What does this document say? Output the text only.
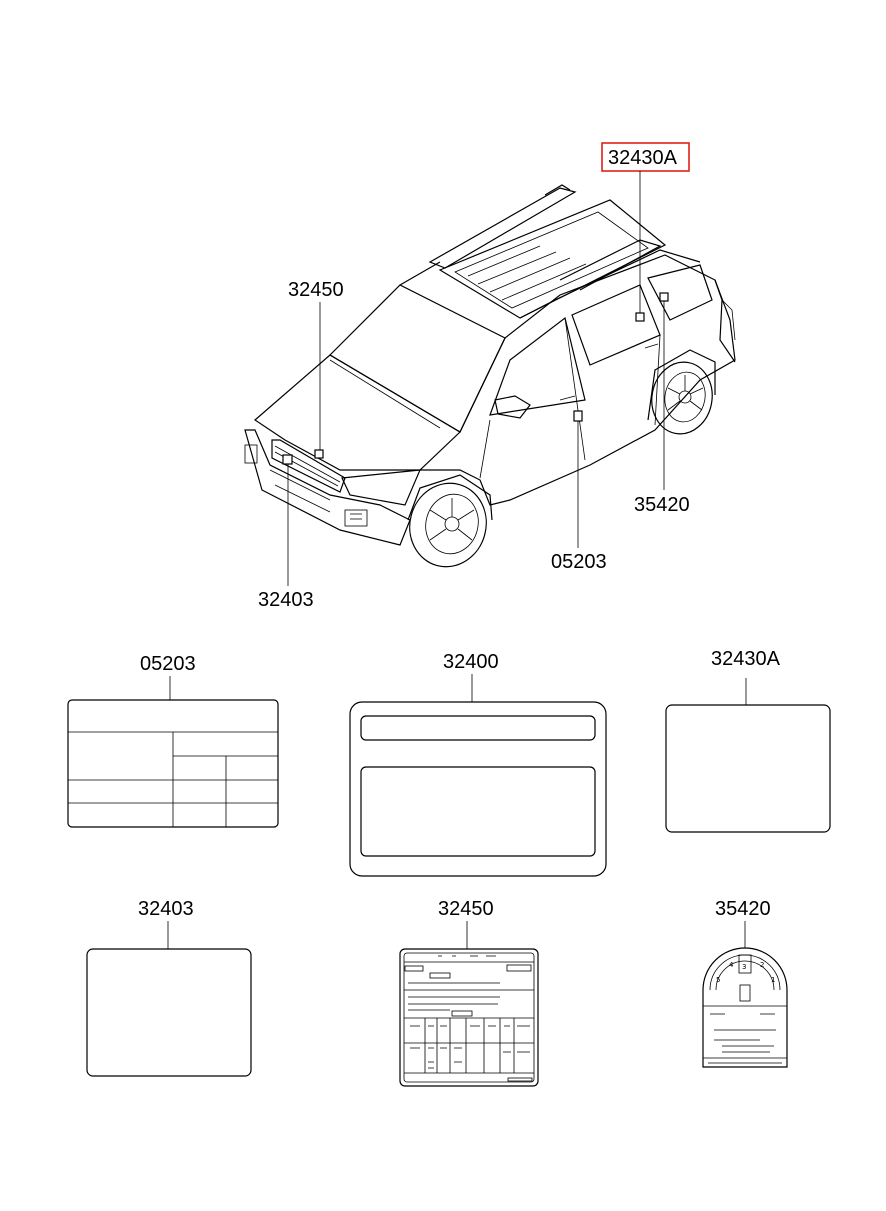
32430A
32450
35420
05203
32403
05203	32400	32430A
32403	32450	35420
3
5
4	2
1
